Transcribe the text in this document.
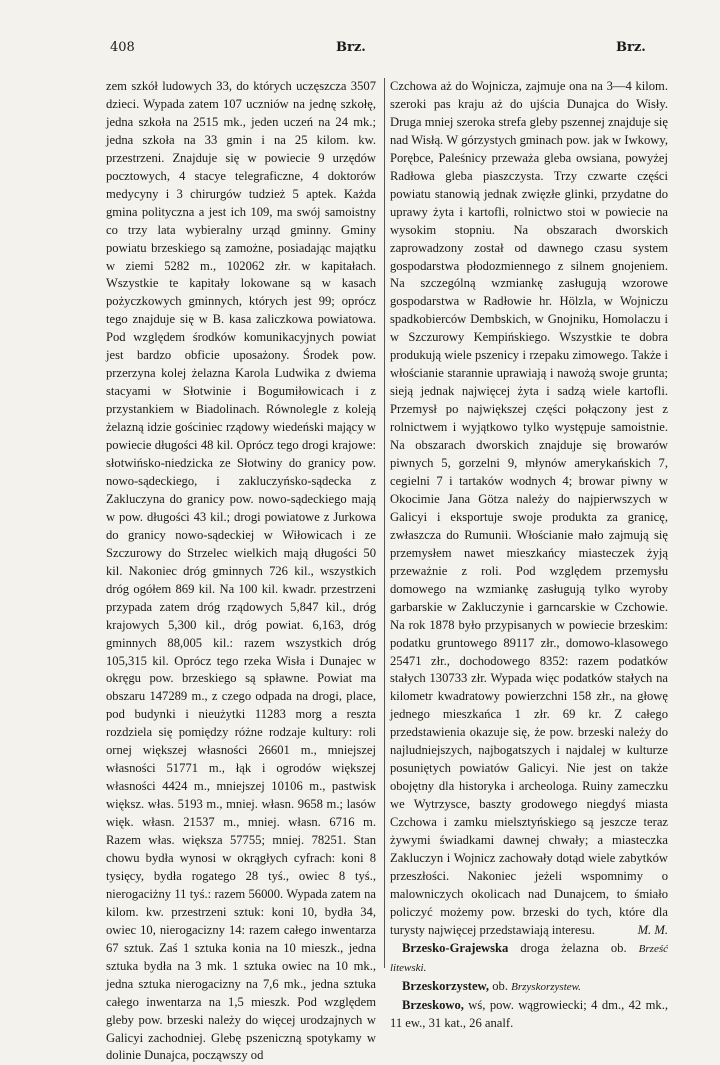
408	Brz.	Brz.

zem szkół ludowych 33, do których uczęszcza 3507 dzieci. Wypada zatem 107 uczniów na jednę szkołę, jedna szkoła na 2515 mk., jeden uczeń na 24 mk.; jedna szkoła na 33 gmin i na 25 kilom. kw. przestrzeni. Znajduje się w powiecie 9 urzędów pocztowych, 4 stacye telegraficzne, 4 doktorów medycyny i 3 chirurgów tudzież 5 aptek. Każda gmina polityczna a jest ich 109, ma swój samoistny co trzy lata wybieralny urząd gminny. Gminy powiatu brzeskiego są zamożne, posiadając majątku w ziemi 5282 m., 102062 złr. w kapitałach. Wszystkie te kapitały lokowane są w kasach pożyczkowych gminnych, których jest 99; oprócz tego znajduje się w B. kasa zaliczkowa powiatowa. Pod względem środków komunikacyjnych powiat jest bardzo obficie uposażony. Środek pow. przerzyna kolej żelazna Karola Ludwika z dwiema stacyami w Słotwinie i Bogumiłowicach i z przystankiem w Biadolinach. Równolegle z koleją żelazną idzie gościniec rządowy wiedeński mający w powiecie długości 48 kil. Oprócz tego drogi krajowe: słotwińsko-niedzicka ze Słotwiny do granicy pow. nowo-sądeckiego, i zakluczyńsko-sądecka z Zakluczyna do granicy pow. nowo-sądeckiego mają w pow. długości 43 kil.; drogi powiatowe z Jurkowa do granicy nowo-sądeckiej w Wiłowicach i ze Szczurowy do Strzelec wielkich mają długości 50 kil. Nakoniec dróg gminnych 726 kil., wszystkich dróg ogółem 869 kil. Na 100 kil. kwadr. przestrzeni przypada zatem dróg rządowych 5,847 kil., dróg krajowych 5,300 kil., dróg powiat. 6,163, dróg gminnych 88,005 kil.: razem wszystkich dróg 105,315 kil. Oprócz tego rzeka Wisła i Dunajec w okręgu pow. brzeskiego są spławne. Powiat ma obszaru 147289 m., z czego odpada na drogi, place, pod budynki i nieużytki 11283 morg a reszta rozdziela się pomiędzy różne rodzaje kultury: roli ornej większej własności 26601 m., mniejszej własności 51771 m., łąk i ogrodów większej własności 4424 m., mniejszej 10106 m., pastwisk większ. włas. 5193 m., mniej. własn. 9658 m.; lasów więk. własn. 21537 m., mniej. własn. 6716 m. Razem włas. większa 57755; mniej. 78251. Stan chowu bydła wynosi w okrągłych cyfrach: koni 8 tysięcy, bydła rogatego 28 tyś., owiec 8 tyś., nierogaciżny 11 tyś.: razem 56000. Wypada zatem na kilom. kw. przestrzeni sztuk: koni 10, bydła 34, owiec 10, nierogacizny 14: razem całego inwentarza 67 sztuk. Zaś 1 sztuka konia na 10 mieszk., jedna sztuka bydła na 3 mk. 1 sztuka owiec na 10 mk., jedna sztuka nierogacizny na 7,6 mk., jedna sztuka całego inwentarza na 1,5 mieszk. Pod względem gleby pow. brzeski należy do więcej urodzajnych w Galicyi zachodniej. Glebę pszeniczną spotykamy w dolinie Dunajca, począwszy od

Czchowa aż do Wojnicza, zajmuje ona na 3—4 kilom. szeroki pas kraju aż do ujścia Dunajca do Wisły. Druga mniej szeroka strefa gleby pszennej znajduje się nad Wisłą. W górzystych gminach pow. jak w Iwkowy, Porębce, Paleśnicy przeważa gleba owsiana, powyżej Radłowa gleba piaszczysta. Trzy czwarte części powiatu stanowią jednak zwięzłe glinki, przydatne do uprawy żyta i kartofli, rolnictwo stoi w powiecie na wysokim stopniu. Na obszarach dworskich zaprowadzony został od dawnego czasu system gospodarstwa płodozmiennego z silnem gnojeniem. Na szczególną wzmiankę zasługują wzorowe gospodarstwa w Radłowie hr. Hölzla, w Wojniczu spadkobierców Dembskich, w Gnojniku, Homolaczu i w Szczurowy Kempińskiego. Wszystkie te dobra produkują wiele pszenicy i rzepaku zimowego. Także i włościanie starannie uprawiają i nawożą swoje grunta; sieją jednak najwięcej żyta i sadzą wiele kartofli. Przemysł po największej części połączony jest z rolnictwem i wyjątkowo tylko występuje samoistnie. Na obszarach dworskich znajduje się browarów piwnych 5, gorzelni 9, młynów amerykańskich 7, cegielni 7 i tartaków wodnych 4; browar piwny w Okocimie Jana Götza należy do najpierwszych w Galicyi i eksportuje swoje produkta za granicę, zwłaszcza do Rumunii. Włościanie mało zajmują się przemysłem nawet mieszkańcy miasteczek żyją przeważnie z roli. Pod względem przemysłu domowego na wzmiankę zasługują tylko wyroby garbarskie w Zakluczynie i garncarskie w Czchowie. Na rok 1878 było przypisanych w powiecie brzeskim: podatku gruntowego 89117 złr., domowo-klasowego 25471 złr., dochodowego 8352: razem podatków stałych 130733 złr. Wypada więc podatków stałych na kilometr kwadratowy powierzchni 158 złr., na głowę jednego mieszkańca 1 złr. 69 kr. Z całego przedstawienia okazuje się, że pow. brzeski należy do najludniejszych, najbogatszych i najdalej w kulturze posuniętych powiatów Galicyi. Nie jest on także obojętny dla historyka i archeologa. Ruiny zameczku we Wytrzysce, baszty grodowego niegdyś miasta Czchowa i zamku mielsztyńskiego są jeszcze teraz żywymi świadkami dawnej chwały; a miasteczka Zakluczyn i Wojnicz zachowały dotąd wiele zabytków przeszłości. Nakoniec jeżeli wspomnimy o malowniczych okolicach nad Dunajcem, to śmiało policzyć możemy pow. brzeski do tych, które dla turysty najwięcej przedstawiają interesu.	M. M.

Brzesko-Grajewska droga żelazna ob. Brześć litewski.

Brzeskorzystew, ob. Brzyskorzystew.

Brzeskowo, wś, pow. wągrowiecki; 4 dm., 42 mk., 11 ew., 31 kat., 26 analf.
